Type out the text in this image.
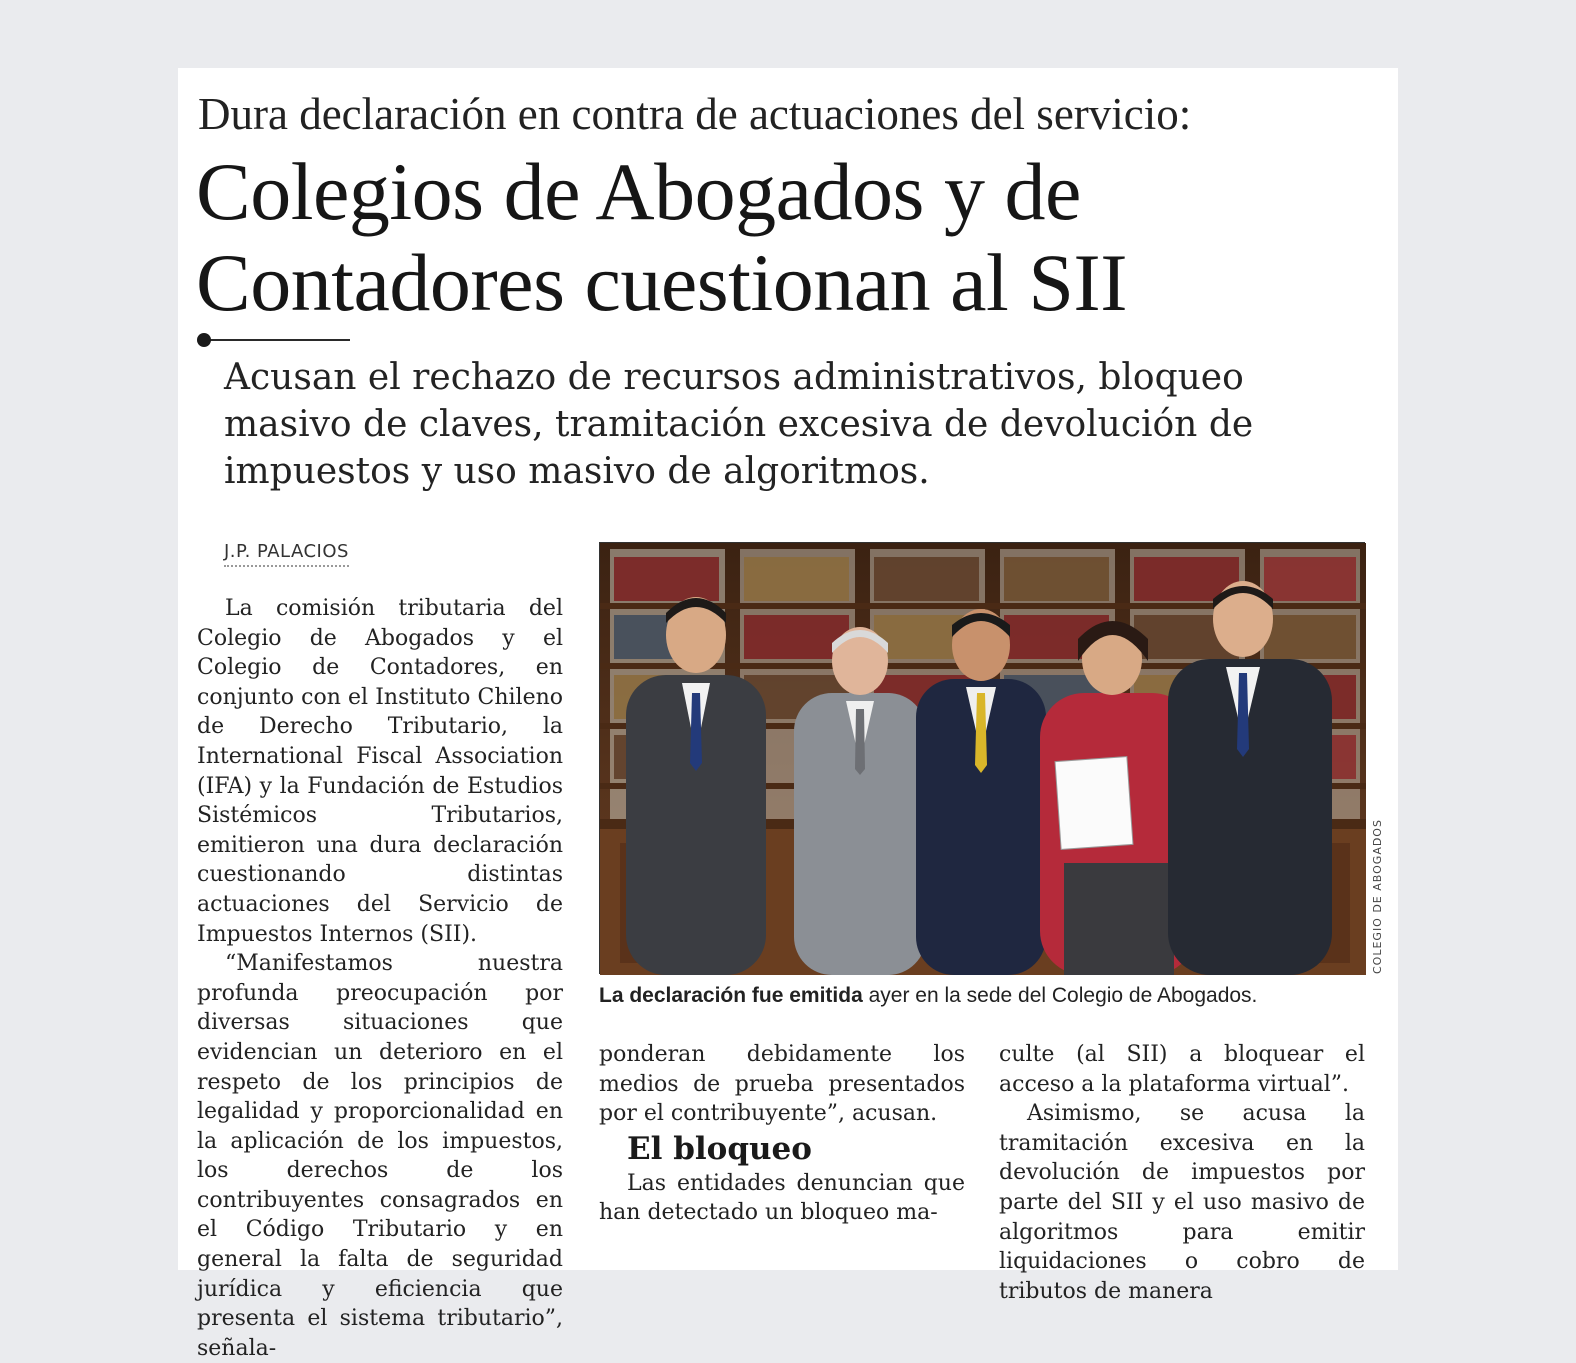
Dura declaración en contra de actuaciones del servicio:
Colegios de Abogados y de
Contadores cuestionan al SII
Acusan el rechazo de recursos administrativos, bloqueo masivo de claves, tramitación excesiva de devolución de impuestos y uso masivo de algoritmos.
J.P. PALACIOS

La comisión tributaria del Colegio de Abogados y el Colegio de Contadores, en conjunto con el Instituto Chileno de Derecho Tributario, la International Fiscal Association (IFA) y la Fundación de Estudios Sistémicos Tributarios, emitieron una dura declaración cuestionando distintas actuaciones del Servicio de Impuestos Internos (SII).

“Manifestamos nuestra profunda preocupación por diversas situaciones que evidencian un deterioro en el respeto de los principios de legalidad y proporcionalidad en la aplicación de los impuestos, los derechos de los contribuyentes consagrados en el Código Tributario y en general la falta de seguridad jurídica y eficiencia que presenta el sistema tributario”, señala-

COLEGIO DE ABOGADOS
La declaración fue emitida ayer en la sede del Colegio de Abogados.

ponderan debidamente los medios de prueba presentados por el contribuyente”, acusan.

El bloqueo

Las entidades denuncian que han detectado un bloqueo ma-

culte (al SII) a bloquear el acceso a la plataforma virtual”.

Asimismo, se acusa la tramitación excesiva en la devolución de impuestos por parte del SII y el uso masivo de algoritmos para emitir liquidaciones o cobro de tributos de manera
